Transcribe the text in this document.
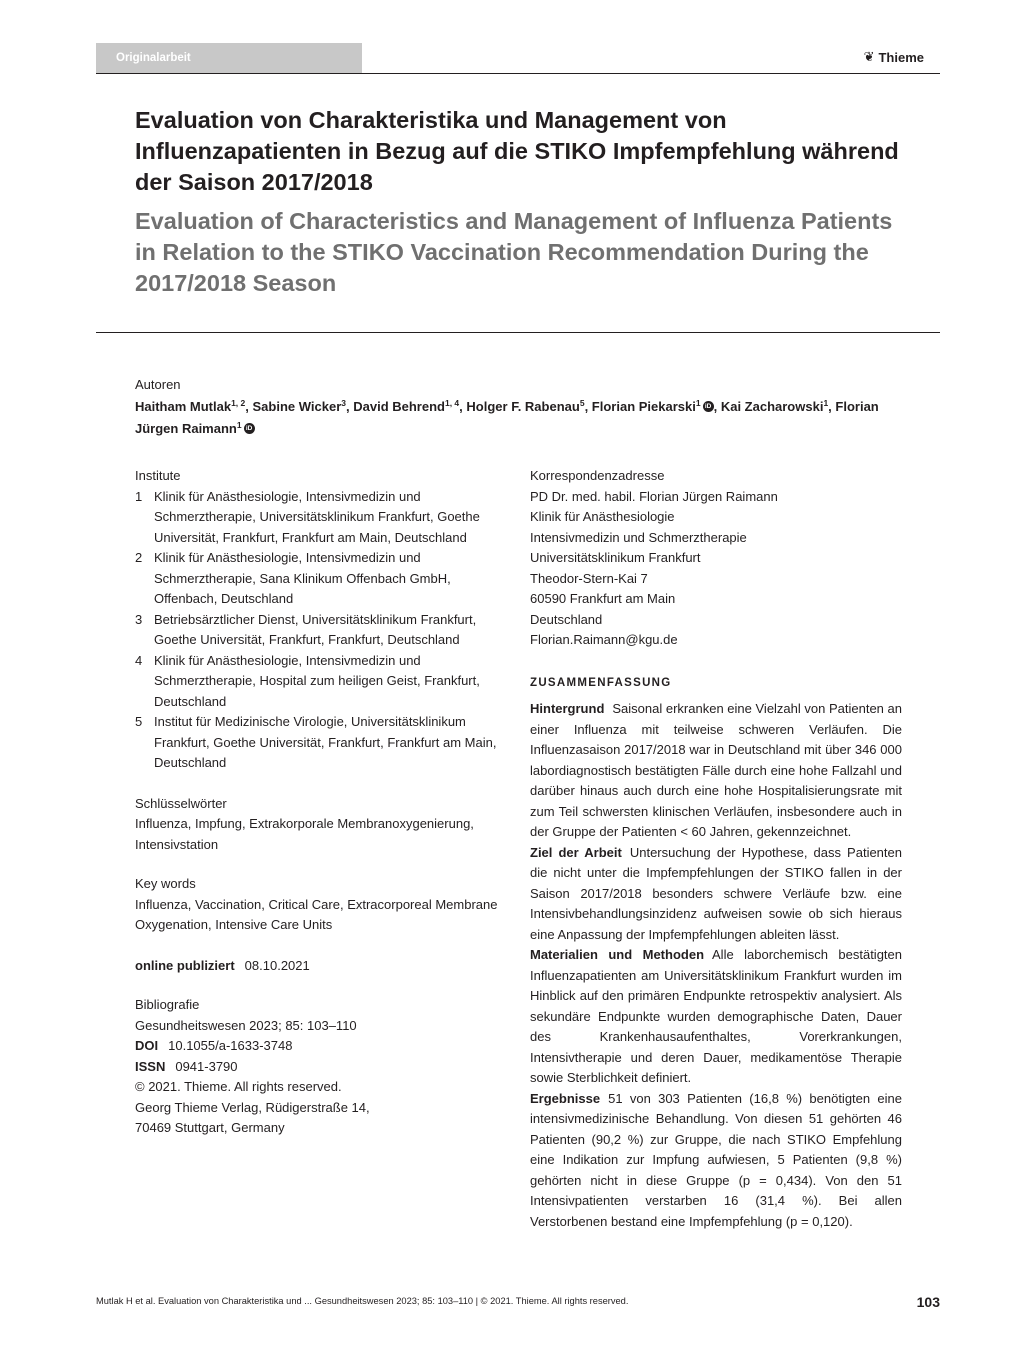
Originalarbeit	❦ Thieme
Evaluation von Charakteristika und Management von Influenzapatienten in Bezug auf die STIKO Impfempfehlung während der Saison 2017/2018
Evaluation of Characteristics and Management of Influenza Patients in Relation to the STIKO Vaccination Recommendation During the 2017/2018 Season
Autoren
Haitham Mutlak$^{1, 2}$, Sabine Wicker$^3$, David Behrend$^{1, 4}$, Holger F. Rabenau$^5$, Florian Piekarski$^1$ iD , Kai Zacharowski$^1$, Florian Jürgen Raimann$^1$ iD
Institute
1 Klinik für Anästhesiologie, Intensivmedizin und Schmerztherapie, Universitätsklinikum Frankfurt, Goethe Universität, Frankfurt, Frankfurt am Main, Deutschland
2 Klinik für Anästhesiologie, Intensivmedizin und Schmerztherapie, Sana Klinikum Offenbach GmbH, Offenbach, Deutschland
3 Betriebsärztlicher Dienst, Universitätsklinikum Frankfurt, Goethe Universität, Frankfurt, Frankfurt, Deutschland
4 Klinik für Anästhesiologie, Intensivmedizin und Schmerztherapie, Hospital zum heiligen Geist, Frankfurt, Deutschland
5 Institut für Medizinische Virologie, Universitätsklinikum Frankfurt, Goethe Universität, Frankfurt, Frankfurt am Main, Deutschland
Schlüsselwörter
Influenza, Impfung, Extrakorporale Membranoxygenierung, Intensivstation
Key words
Influenza, Vaccination, Critical Care, Extracorporeal Membrane Oxygenation, Intensive Care Units
online publiziert 08.10.2021
Bibliografie
Gesundheitswesen 2023; 85: 103–110
DOI 10.1055/a-1633-3748
ISSN 0941-3790
© 2021. Thieme. All rights reserved.
Georg Thieme Verlag, Rüdigerstraße 14,
70469 Stuttgart, Germany
Korrespondenzadresse
PD Dr. med. habil. Florian Jürgen Raimann
Klinik für Anästhesiologie
Intensivmedizin und Schmerztherapie
Universitätsklinikum Frankfurt
Theodor-Stern-Kai 7
60590 Frankfurt am Main
Deutschland
Florian.Raimann@kgu.de
ZUSAMMENFASSUNG

Hintergrund Saisonal erkranken eine Vielzahl von Patienten an einer Influenza mit teilweise schweren Verläufen. Die Influenzasaison 2017/2018 war in Deutschland mit über 346 000 labordiagnostisch bestätigten Fälle durch eine hohe Fallzahl und darüber hinaus auch durch eine hohe Hospitalisierungsrate mit zum Teil schwersten klinischen Verläufen, insbesondere auch in der Gruppe der Patienten < 60 Jahren, gekennzeichnet.

Ziel der Arbeit Untersuchung der Hypothese, dass Patienten die nicht unter die Impfempfehlungen der STIKO fallen in der Saison 2017/2018 besonders schwere Verläufe bzw. eine Intensivbehandlungsinzidenz aufweisen sowie ob sich hieraus eine Anpassung der Impfempfehlungen ableiten lässt.

Materialien und Methoden Alle laborchemisch bestätigten Influenzapatienten am Universitätsklinikum Frankfurt wurden im Hinblick auf den primären Endpunkte retrospektiv analysiert. Als sekundäre Endpunkte wurden demographische Daten, Dauer des Krankenhausaufenthaltes, Vorerkrankungen, Intensivtherapie und deren Dauer, medikamentöse Therapie sowie Sterblichkeit definiert.

Ergebnisse 51 von 303 Patienten (16,8 %) benötigten eine intensivmedizinische Behandlung. Von diesen 51 gehörten 46 Patienten (90,2 %) zur Gruppe, die nach STIKO Empfehlung eine Indikation zur Impfung aufwiesen, 5 Patienten (9,8 %) gehörten nicht in diese Gruppe (p = 0,434). Von den 51 Intensivpatienten verstarben 16 (31,4 %). Bei allen Verstorbenen bestand eine Impfempfehlung (p = 0,120).

Mutlak H et al. Evaluation von Charakteristika und ... Gesundheitswesen 2023; 85: 103–110 | © 2021. Thieme. All rights reserved.	103
